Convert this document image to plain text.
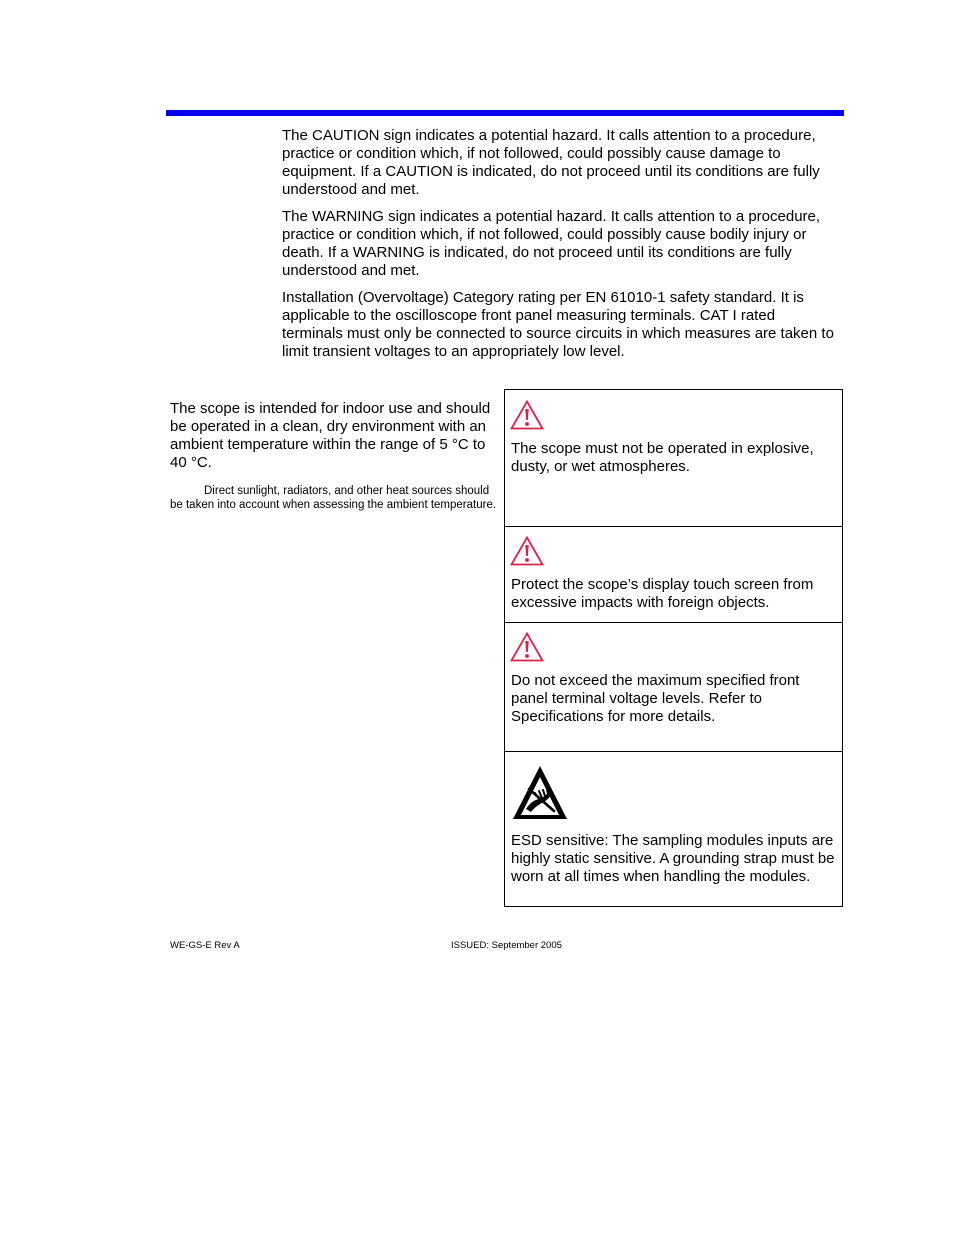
The CAUTION sign indicates a potential hazard. It calls attention to a procedure, practice or condition which, if not followed, could possibly cause damage to equipment. If a CAUTION is indicated, do not proceed until its conditions are fully understood and met.

The WARNING sign indicates a potential hazard. It calls attention to a procedure, practice or condition which, if not followed, could possibly cause bodily injury or death. If a WARNING is indicated, do not proceed until its conditions are fully understood and met.

Installation (Overvoltage) Category rating per EN 61010-1 safety standard. It is applicable to the oscilloscope front panel measuring terminals. CAT I rated terminals must only be connected to source circuits in which measures are taken to limit transient voltages to an appropriately low level.

The scope is intended for indoor use and should be operated in a clean, dry environment with an ambient temperature within the range of 5 °C to 40 °C.

Direct sunlight, radiators, and other heat sources should be taken into account when assessing the ambient temperature.

The scope must not be operated in explosive, dusty, or wet atmospheres.

Protect the scope’s display touch screen from excessive impacts with foreign objects.

Do not exceed the maximum specified front panel terminal voltage levels. Refer to Specifications for more details.

ESD sensitive: The sampling modules inputs are highly static sensitive. A grounding strap must be worn at all times when handling the modules.

WE-GS-E Rev A	ISSUED: September 2005
